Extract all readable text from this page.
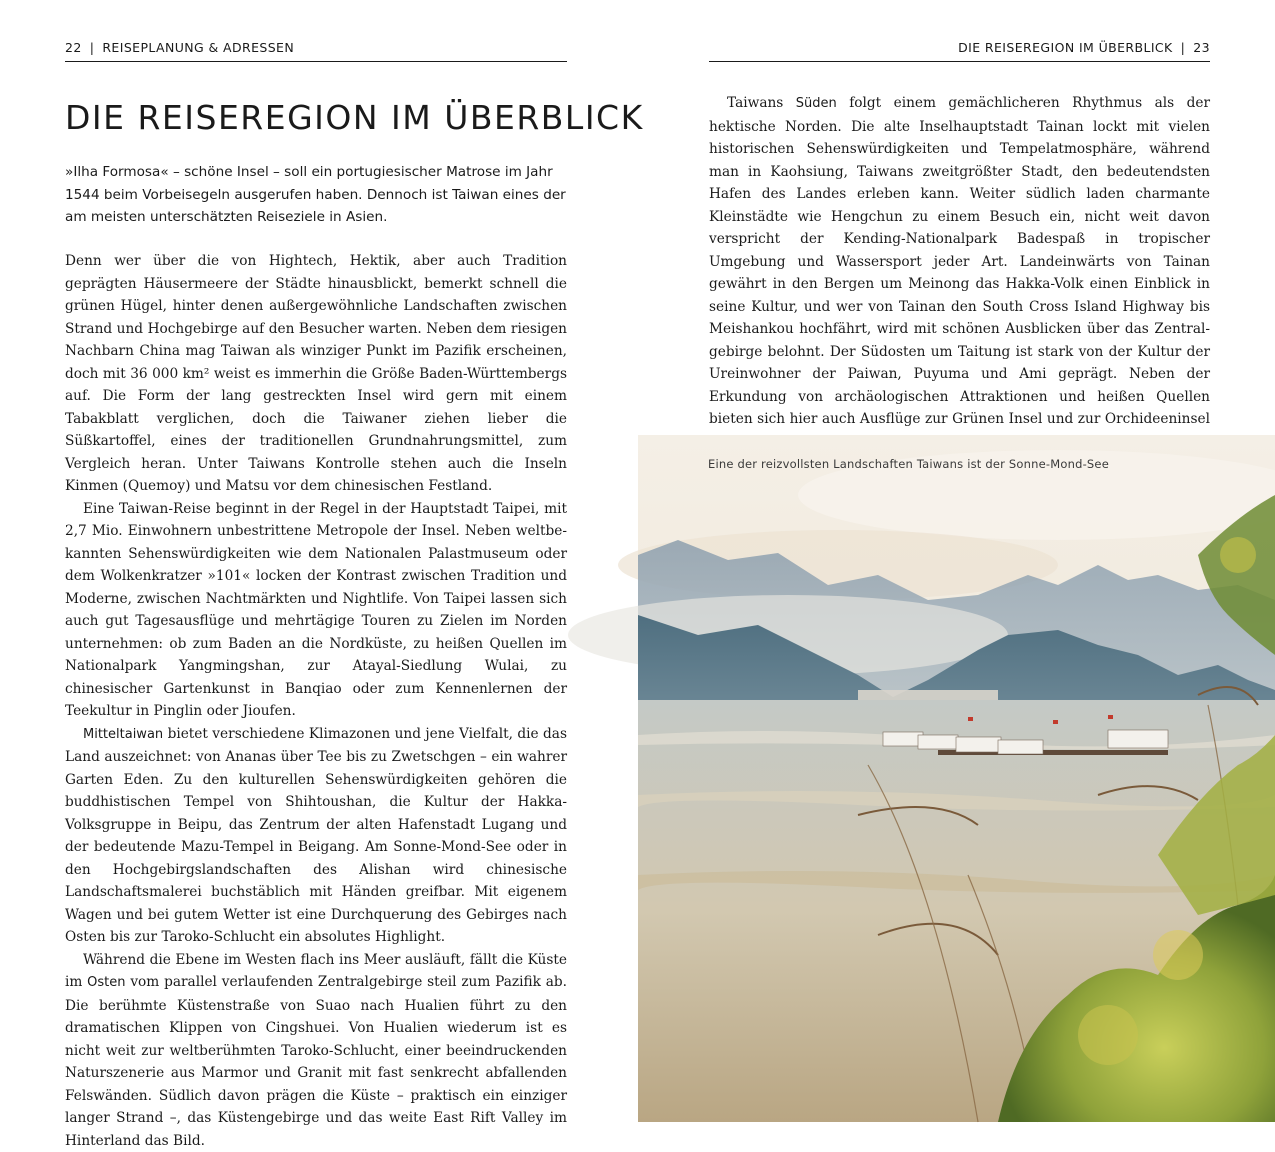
22 | REISEPLANUNG & ADRESSEN
DIE REISEREGION IM ÜBERBLICK

»Ilha Formosa« – schöne Insel – soll ein portugiesischer Matrose im Jahr 1544 beim Vorbeisegeln ausgerufen haben. Dennoch ist Taiwan eines der am meisten unterschätzten Reiseziele in Asien.

Denn wer über die von Hightech, Hektik, aber auch Tradition geprägten Häusermeere der Städte hinausblickt, bemerkt schnell die grünen Hügel, hinter denen außergewöhnliche Landschaften zwischen Strand und Hochgebirge auf den Besucher warten. Neben dem riesigen Nachbarn China mag Taiwan als winziger Punkt im Pazifik erscheinen, doch mit 36 000 km² weist es immerhin die Größe Baden-Württembergs auf. Die Form der lang gestreckten Insel wird gern mit einem Tabakblatt verglichen, doch die Taiwaner ziehen lieber die Süßkartoffel, eines der traditionellen Grundnahrungsmittel, zum Vergleich heran. Unter Taiwans Kontrolle stehen auch die Inseln Kinmen (Quemoy) und Matsu vor dem chinesischen Festland.

Eine Taiwan-Reise beginnt in der Regel in der Hauptstadt Taipei, mit 2,7 Mio. Einwohnern unbestrittene Metropole der Insel. Neben weltbekannten Sehenswürdigkeiten wie dem Nationalen Palastmuseum oder dem Wolkenkratzer »101« locken der Kontrast zwischen Tradition und Moderne, zwischen Nachtmärkten und Nightlife. Von Taipei lassen sich auch gut Tagesausflüge und mehrtägige Touren zu Zielen im Norden unternehmen: ob zum Baden an die Nordküste, zu heißen Quellen im Nationalpark Yangmingshan, zur Atayal-Siedlung Wulai, zu chinesischer Gartenkunst in Banqiao oder zum Kennenlernen der Teekultur in Pinglin oder Jioufen.

Mitteltaiwan bietet verschiedene Klimazonen und jene Vielfalt, die das Land auszeichnet: von Ananas über Tee bis zu Zwetschgen – ein wahrer Garten Eden. Zu den kulturellen Sehenswürdigkeiten gehören die buddhistischen Tempel von Shihtoushan, die Kultur der Hakka-Volksgruppe in Beipu, das Zentrum der alten Hafenstadt Lugang und der bedeutende Mazu-Tempel in Beigang. Am Sonne-Mond-See oder in den Hochgebirgslandschaften des Alishan wird chinesische Landschaftsmalerei buchstäblich mit Händen greifbar. Mit eigenem Wagen und bei gutem Wetter ist eine Durchquerung des Gebirges nach Osten bis zur Taroko-Schlucht ein absolutes Highlight.

Während die Ebene im Westen flach ins Meer ausläuft, fällt die Küste im Osten vom parallel verlaufenden Zentralgebirge steil zum Pazifik ab. Die berühmte Küstenstraße von Suao nach Hualien führt zu den dramatischen Klippen von Cingshuei. Von Hualien wiederum ist es nicht weit zur weltberühmten Taroko-Schlucht, einer beeindruckenden Naturszenerie aus Marmor und Granit mit fast senkrecht abfallenden Felswänden. Südlich davon prägen die Küste – praktisch ein einziger langer Strand –, das Küstengebirge und das weite East Rift Valley im Hinterland das Bild.

DIE REISEREGION IM ÜBERBLICK | 23

Taiwans Süden folgt einem gemächlicheren Rhythmus als der hektische Norden. Die alte Inselhauptstadt Tainan lockt mit vielen historischen Sehenswürdigkeiten und Tempelatmosphäre, während man in Kaohsiung, Taiwans zweitgrößter Stadt, den bedeutendsten Hafen des Landes erleben kann. Weiter südlich laden charmante Kleinstädte wie Hengchun zu einem Besuch ein, nicht weit davon verspricht der Kending-Nationalpark Badespaß in tropischer Umgebung und Wassersport jeder Art. Landeinwärts von Tainan gewährt in den Bergen um Meinong das Hakka-Volk einen Einblick in seine Kultur, und wer von Tainan den South Cross Island Highway bis Meishankou hochfährt, wird mit schönen Ausblicken über das Zentralgebirge belohnt. Der Südosten um Taitung ist stark von der Kultur der Ureinwohner der Paiwan, Puyuma und Ami geprägt. Neben der Erkundung von archäologischen Attraktionen und heißen Quellen bieten sich hier auch Ausflüge zur Grünen Insel und zur Orchideeninsel

Eine der reizvollsten Landschaften Taiwans ist der Sonne-Mond-See
